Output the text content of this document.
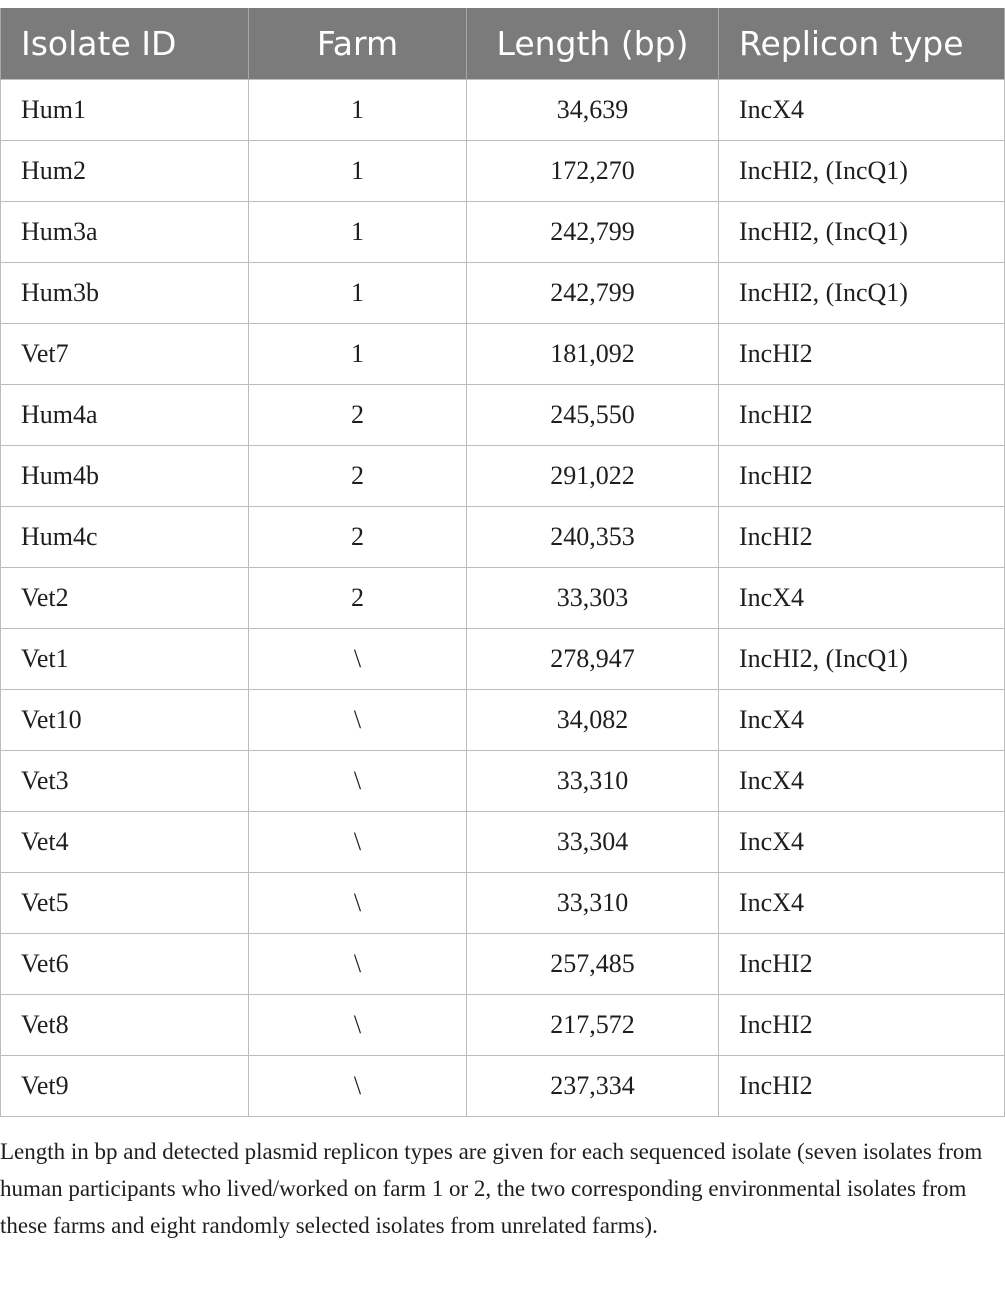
Isolate ID	Farm	Length (bp)	Replicon type
Hum1	1	34,639	IncX4
Hum2	1	172,270	IncHI2, (IncQ1)
Hum3a	1	242,799	IncHI2, (IncQ1)
Hum3b	1	242,799	IncHI2, (IncQ1)
Vet7	1	181,092	IncHI2
Hum4a	2	245,550	IncHI2
Hum4b	2	291,022	IncHI2
Hum4c	2	240,353	IncHI2
Vet2	2	33,303	IncX4
Vet1	\	278,947	IncHI2, (IncQ1)
Vet10	\	34,082	IncX4
Vet3	\	33,310	IncX4
Vet4	\	33,304	IncX4
Vet5	\	33,310	IncX4
Vet6	\	257,485	IncHI2
Vet8	\	217,572	IncHI2
Vet9	\	237,334	IncHI2

Length in bp and detected plasmid replicon types are given for each sequenced isolate (seven isolates from human participants who lived/worked on farm 1 or 2, the two corresponding environmental isolates from these farms and eight randomly selected isolates from unrelated farms).
